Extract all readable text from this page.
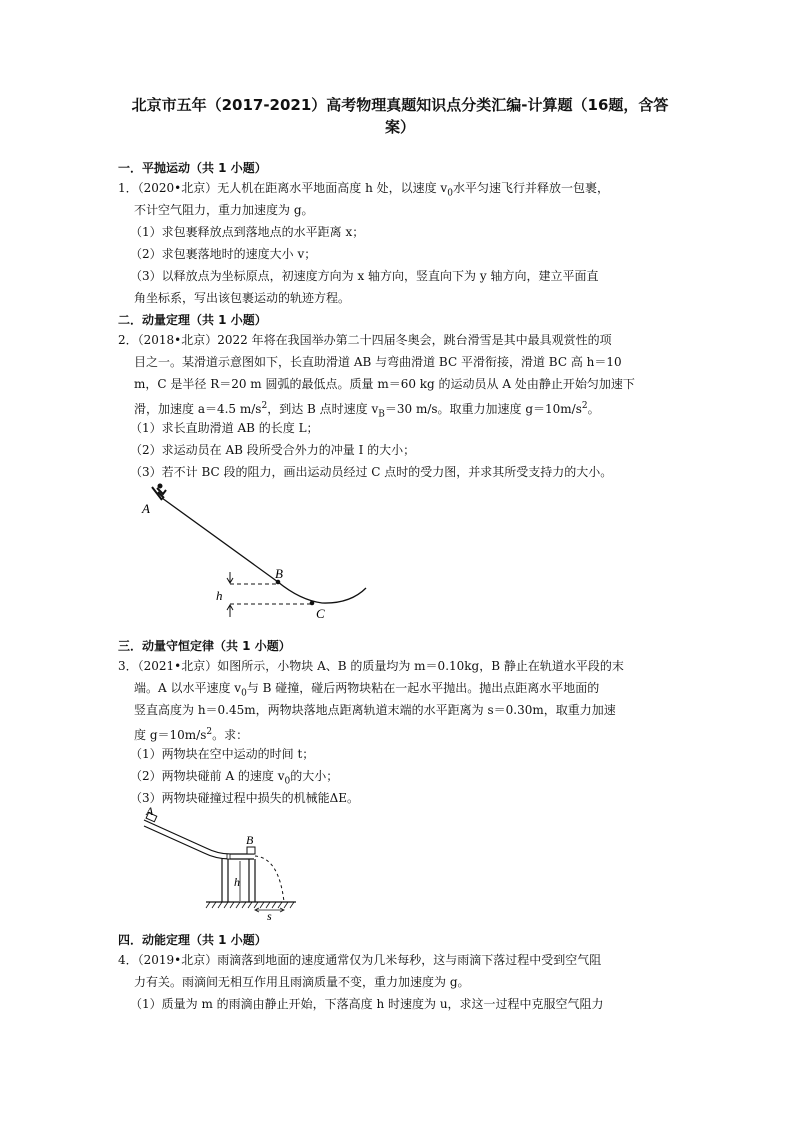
北京市五年（2017-2021）高考物理真题知识点分类汇编-计算题（16题，含答
案）
一．平抛运动（共 1 小题）
1．（2020•北京）无人机在距离水平地面高度 h 处，以速度 $v_0$水平匀速飞行并释放一包裹，
不计空气阻力，重力加速度为 g。
（1）求包裹释放点到落地点的水平距离 x；
（2）求包裹落地时的速度大小 v；
（3）以释放点为坐标原点，初速度方向为 x 轴方向，竖直向下为 y 轴方向，建立平面直
角坐标系，写出该包裹运动的轨迹方程。
二．动量定理（共 1 小题）
2．（2018•北京）2022 年将在我国举办第二十四届冬奥会，跳台滑雪是其中最具观赏性的项
目之一。某滑道示意图如下，长直助滑道 AB 与弯曲滑道 BC 平滑衔接，滑道 BC 高 h＝10
m，C 是半径 R＝20 m 圆弧的最低点。质量 m＝60 kg 的运动员从 A 处由静止开始匀加速下
滑，加速度 a＝4.5 $m/s^2$，到达 B 点时速度 $v_B=30$ m/s。取重力加速度 $g=10m/s^2$。
（1）求长直助滑道 AB 的长度 L；
（2）求运动员在 AB 段所受合外力的冲量 I 的大小；
（3）若不计 BC 段的阻力，画出运动员经过 C 点时的受力图，并求其所受支持力的大小。
A
B
C
h
三．动量守恒定律（共 1 小题）
3．（2021•北京）如图所示，小物块 A、B 的质量均为 m＝0.10kg，B 静止在轨道水平段的末
端。A 以水平速度 $v_0$与 B 碰撞，碰后两物块粘在一起水平抛出。抛出点距离水平地面的
竖直高度为 h＝0.45m，两物块落地点距离轨道末端的水平距离为 s＝0.30m，取重力加速
度 $g=10m/s^2$。求：
（1）两物块在空中运动的时间 t；
（2）两物块碰前 A 的速度 $v_0$的大小；
（3）两物块碰撞过程中损失的机械能ΔE。
A
B
h
s
四．动能定理（共 1 小题）
4．（2019•北京）雨滴落到地面的速度通常仅为几米每秒，这与雨滴下落过程中受到空气阻
力有关。雨滴间无相互作用且雨滴质量不变，重力加速度为 g。
（1）质量为 m 的雨滴由静止开始，下落高度 h 时速度为 u，求这一过程中克服空气阻力
